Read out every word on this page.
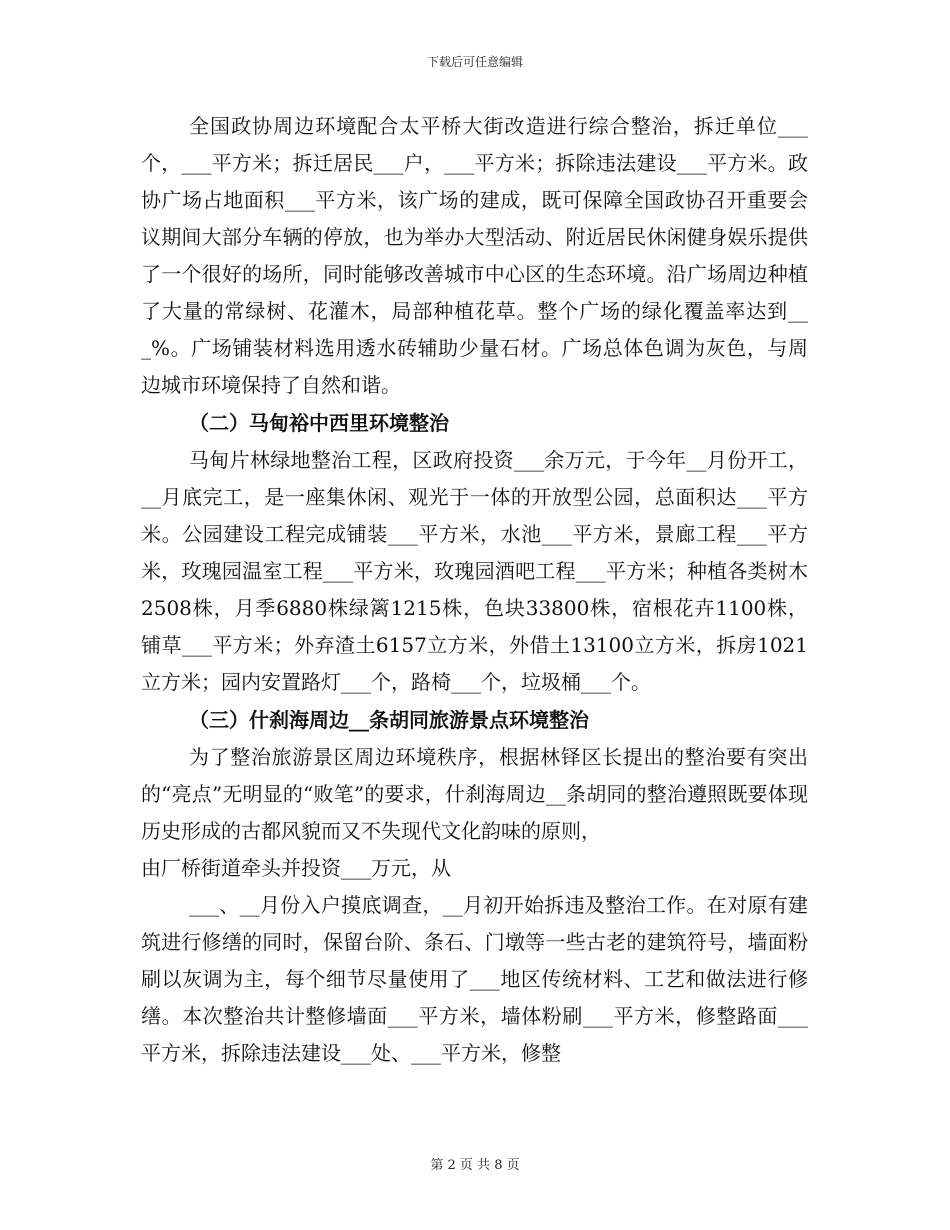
下载后可任意编辑

全国政协周边环境配合太平桥大街改造进行综合整治，拆迁单位___个，___平方米；拆迁居民___户，___平方米；拆除违法建设___平方米。政协广场占地面积___平方米，该广场的建成，既可保障全国政协召开重要会议期间大部分车辆的停放，也为举办大型活动、附近居民休闲健身娱乐提供了一个很好的场所，同时能够改善城市中心区的生态环境。沿广场周边种植了大量的常绿树、花灌木，局部种植花草。整个广场的绿化覆盖率达到___%。广场铺装材料选用透水砖辅助少量石材。广场总体色调为灰色，与周边城市环境保持了自然和谐。

（二）马甸裕中西里环境整治

马甸片林绿地整治工程，区政府投资___余万元，于今年__月份开工，__月底完工，是一座集休闲、观光于一体的开放型公园，总面积达___平方米。公园建设工程完成铺装___平方米，水池___平方米，景廊工程___平方米，玫瑰园温室工程___平方米，玫瑰园酒吧工程___平方米；种植各类树木2508株，月季6880株绿篱1215株，色块33800株，宿根花卉1100株，铺草___平方米；外弃渣土6157立方米，外借土13100立方米，拆房1021立方米；园内安置路灯___个，路椅___个，垃圾桶___个。

（三）什刹海周边__条胡同旅游景点环境整治

为了整治旅游景区周边环境秩序，根据林铎区长提出的整治要有突出的“亮点”无明显的“败笔”的要求，什刹海周边__条胡同的整治遵照既要体现历史形成的古都风貌而又不失现代文化韵味的原则，

由厂桥街道牵头并投资___万元，从

___、__月份入户摸底调查，__月初开始拆违及整治工作。在对原有建筑进行修缮的同时，保留台阶、条石、门墩等一些古老的建筑符号，墙面粉刷以灰调为主，每个细节尽量使用了___地区传统材料、工艺和做法进行修缮。本次整治共计整修墙面___平方米，墙体粉刷___平方米，修整路面___平方米，拆除违法建设___处、___平方米，修整

第 2 页 共 8 页
